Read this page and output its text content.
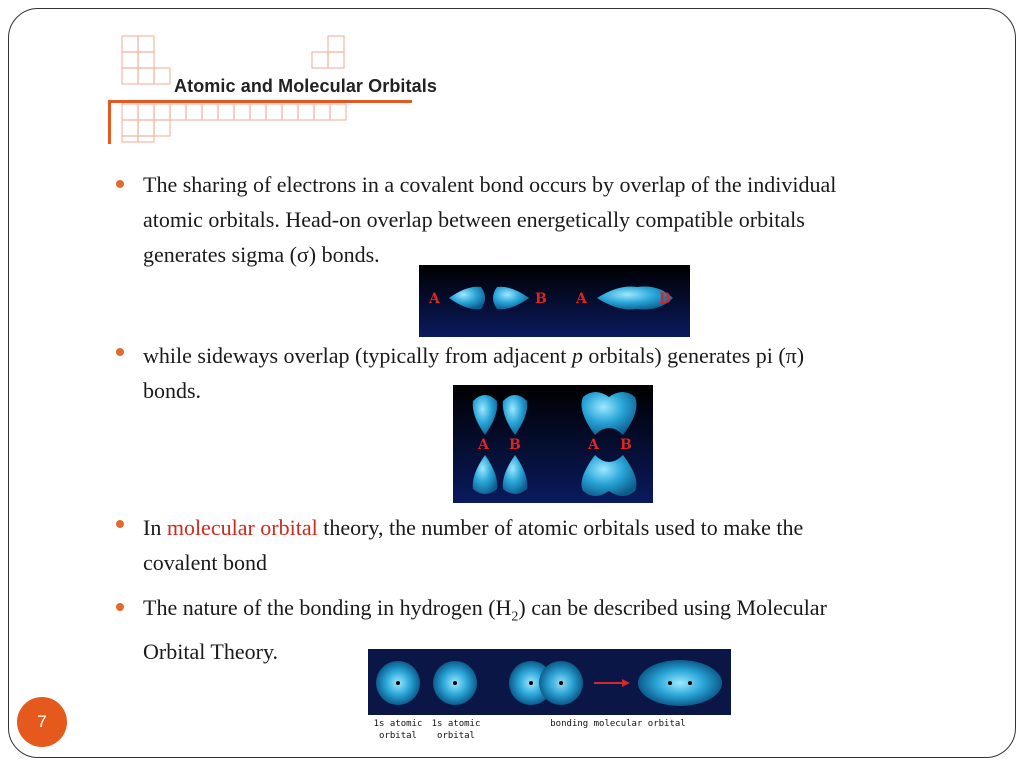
Atomic and Molecular Orbitals
The sharing of electrons in a covalent bond occurs by overlap of the individual
atomic orbitals. Head-on overlap between energetically compatible orbitals
generates sigma (σ) bonds.
A	B A	B
while sideways overlap (typically from adjacent p orbitals) generates pi (π)
bonds.
A B	A B
In molecular orbital theory, the number of atomic orbitals used to make the
covalent bond
The nature of the bonding in hydrogen $(H_2)$ can be described using Molecular
Orbital Theory.
1s atomic
orbital
1s atomic
orbital
bonding molecular orbital
7
